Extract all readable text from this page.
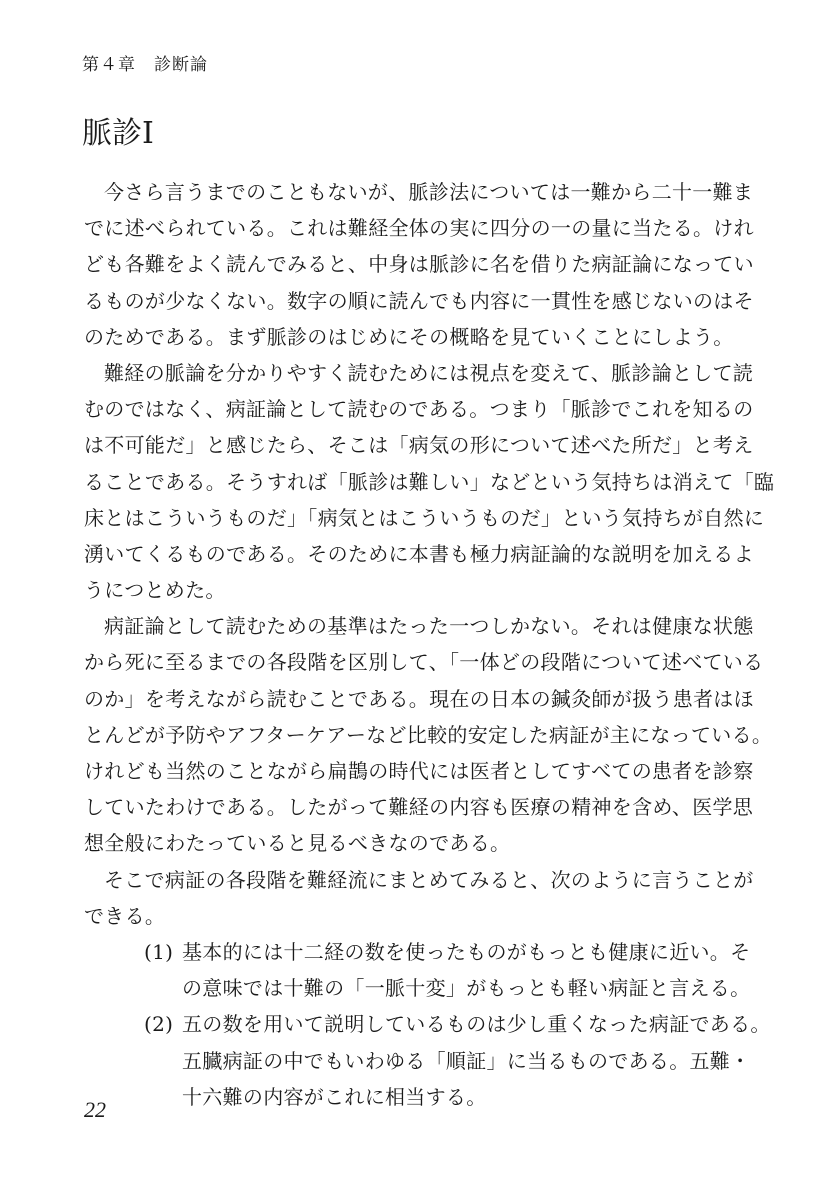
第４章　診断論
脈診Ⅰ
今さら言うまでのこともないが、脈診法については一難から二十一難ま
でに述べられている。これは難経全体の実に四分の一の量に当たる。けれ
ども各難をよく読んでみると、中身は脈診に名を借りた病証論になってい
るものが少なくない。数字の順に読んでも内容に一貫性を感じないのはそ
のためである。まず脈診のはじめにその概略を見ていくことにしよう。
難経の脈論を分かりやすく読むためには視点を変えて、脈診論として読
むのではなく、病証論として読むのである。つまり「脈診でこれを知るの
は不可能だ」と感じたら、そこは「病気の形について述べた所だ」と考え
ることである。そうすれば「脈診は難しい」などという気持ちは消えて「臨
床とはこういうものだ」「病気とはこういうものだ」という気持ちが自然に
湧いてくるものである。そのために本書も極力病証論的な説明を加えるよ
うにつとめた。
病証論として読むための基準はたった一つしかない。それは健康な状態
から死に至るまでの各段階を区別して、「一体どの段階について述べている
のか」を考えながら読むことである。現在の日本の鍼灸師が扱う患者はほ
とんどが予防やアフターケアーなど比較的安定した病証が主になっている。
けれども当然のことながら扁鵲の時代には医者としてすべての患者を診察
していたわけである。したがって難経の内容も医療の精神を含め、医学思
想全般にわたっていると見るべきなのである。
そこで病証の各段階を難経流にまとめてみると、次のように言うことが
できる。
(1) 基本的には十二経の数を使ったものがもっとも健康に近い。そ
の意味では十難の「一脈十変」がもっとも軽い病証と言える。
(2) 五の数を用いて説明しているものは少し重くなった病証である。
五臓病証の中でもいわゆる「順証」に当るものである。五難・
十六難の内容がこれに相当する。
22
